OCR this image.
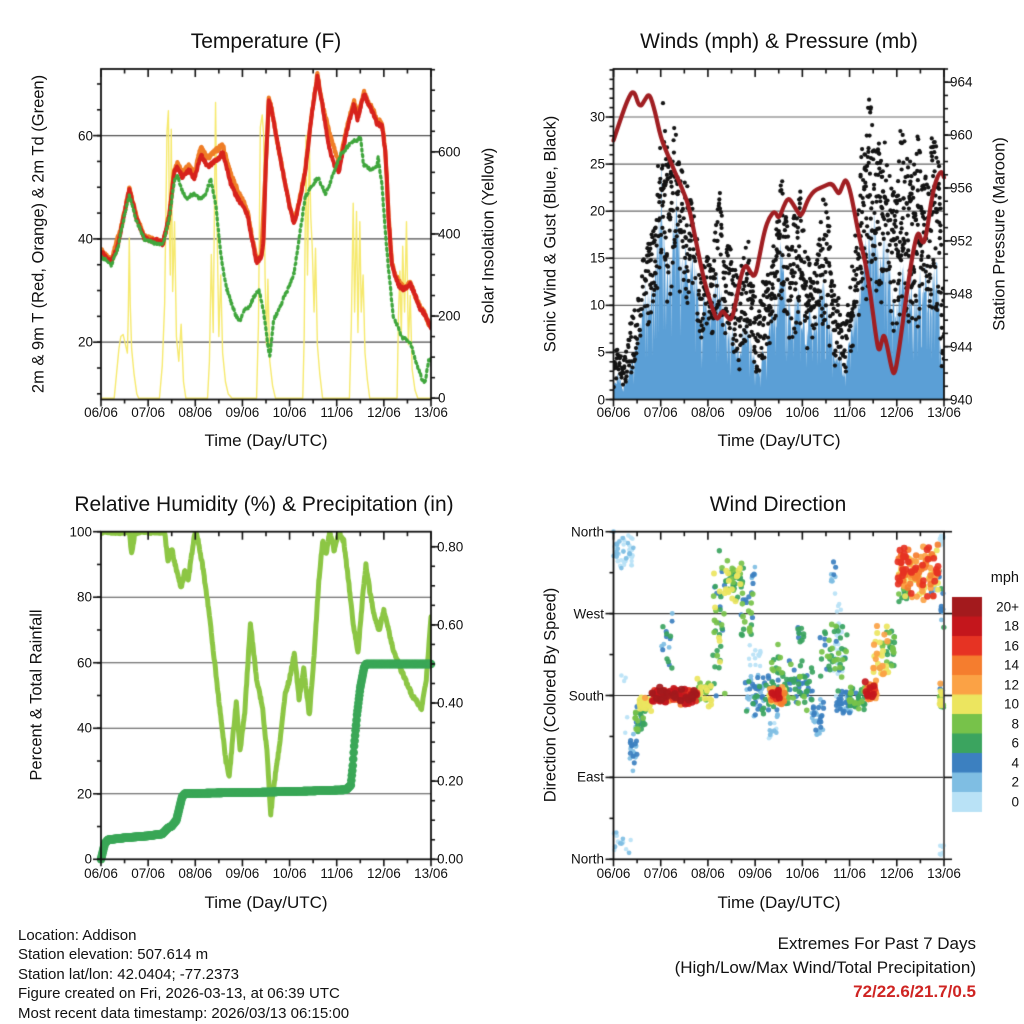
Temperature (F)	Winds (mph) & Pressure (mb)
Relative Humidity (%) & Precipitation (in)	Wind Direction
2m & 9m T (Red, Orange) & 2m Td (Green)	Solar Insolation (Yellow)	Sonic Wind & Gust (Blue, Black)	Station Pressure (Maroon)
Percent & Total Rainfall	Direction (Colored By Speed)
Time (Day/UTC)	Time (Day/UTC)
Time (Day/UTC)	Time (Day/UTC)
mph
20+
18
16
14
12
10
8
6
4
2
0
Location: Addison
Station elevation: 507.614 m
Station lat/lon: 42.0404; -77.2373
Figure created on Fri, 2026-03-13, at 06:39 UTC
Most recent data timestamp: 2026/03/13 06:15:00
Extremes For Past 7 Days
(High/Low/Max Wind/Total Precipitation)
72/22.6/21.7/0.5
06/06 07/06 08/06 09/06 10/06 11/06 12/06 13/06	06/06 07/06 08/06 09/06 10/06 11/06 12/06 13/06
06/06 07/06 08/06 09/06 10/06 11/06 12/06 13/06	06/06 07/06 08/06 09/06 10/06 11/06 12/06 13/06
20
40
60
0
200
400
600
0
5
10
15
20
25
30
940
944
948
952
956
960
964
0
20
40
60
80
100
0.00
0.20
0.40
0.60
0.80
North
East
South
West
North
